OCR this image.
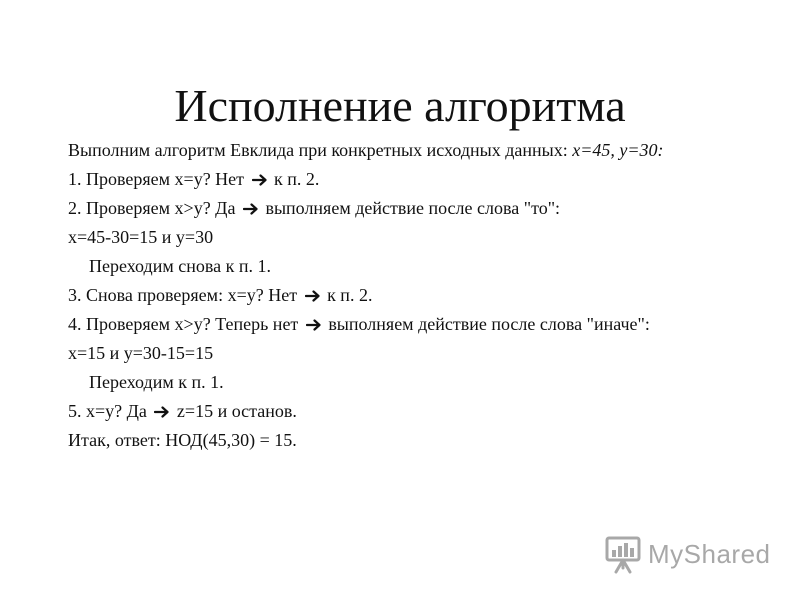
Исполнение алгоритма
Выполним алгоритм Евклида при конкретных исходных данных: x=45, y=30:
1. Проверяем x=y? Нет
к п. 2.
2. Проверяем x>y? Да
выполняем действие после слова "то":
x=45-30=15 и y=30
Переходим снова к п. 1.
3. Снова проверяем: x=y? Нет
к п. 2.
4. Проверяем x>y? Теперь нет
выполняем действие после слова "иначе":
x=15 и y=30-15=15
Переходим к п. 1.
5. x=y? Да
z=15 и останов.
Итак, ответ: НОД(45,30) = 15.
MyShared
